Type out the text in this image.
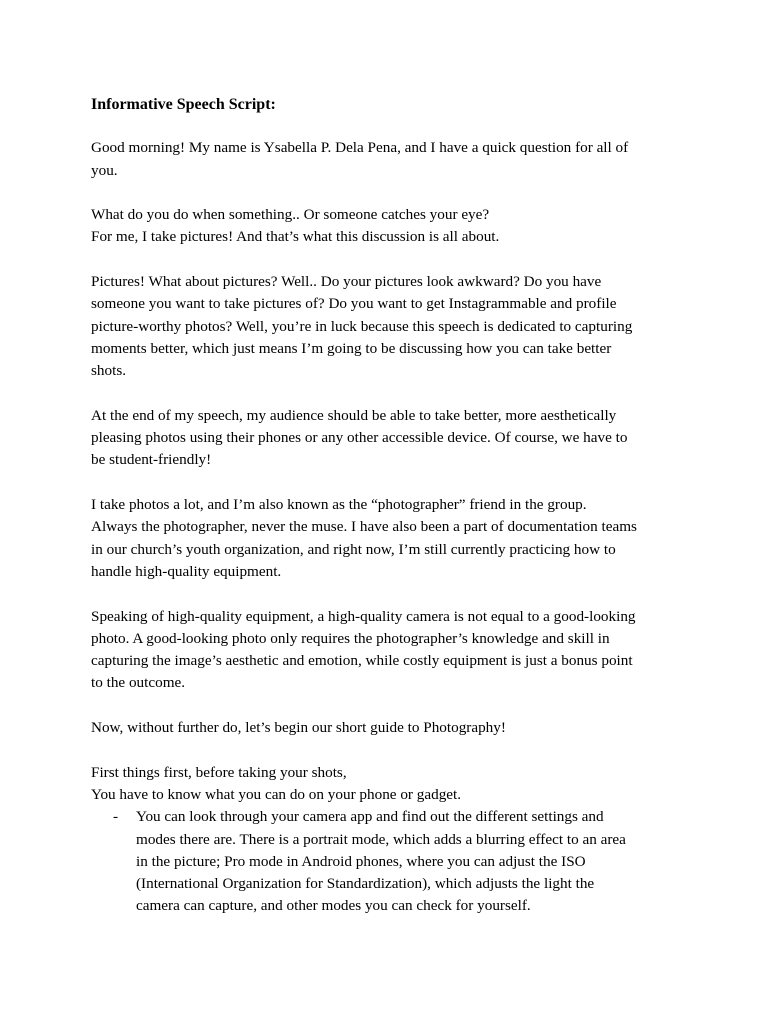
Informative Speech Script:
Good morning! My name is Ysabella P. Dela Pena, and I have a quick question for all of
you.
What do you do when something.. Or someone catches your eye?
For me, I take pictures! And that’s what this discussion is all about.
Pictures! What about pictures? Well.. Do your pictures look awkward? Do you have
someone you want to take pictures of? Do you want to get Instagrammable and profile
picture-worthy photos? Well, you’re in luck because this speech is dedicated to capturing
moments better, which just means I’m going to be discussing how you can take better
shots.
At the end of my speech, my audience should be able to take better, more aesthetically
pleasing photos using their phones or any other accessible device. Of course, we have to
be student-friendly!
I take photos a lot, and I’m also known as the “photographer” friend in the group.
Always the photographer, never the muse. I have also been a part of documentation teams
in our church’s youth organization, and right now, I’m still currently practicing how to
handle high-quality equipment.
Speaking of high-quality equipment, a high-quality camera is not equal to a good-looking
photo. A good-looking photo only requires the photographer’s knowledge and skill in
capturing the image’s aesthetic and emotion, while costly equipment is just a bonus point
to the outcome.
Now, without further do, let’s begin our short guide to Photography!
First things first, before taking your shots,
You have to know what you can do on your phone or gadget.
- You can look through your camera app and find out the different settings and
modes there are. There is a portrait mode, which adds a blurring effect to an area
in the picture; Pro mode in Android phones, where you can adjust the ISO
(International Organization for Standardization), which adjusts the light the
camera can capture, and other modes you can check for yourself.
